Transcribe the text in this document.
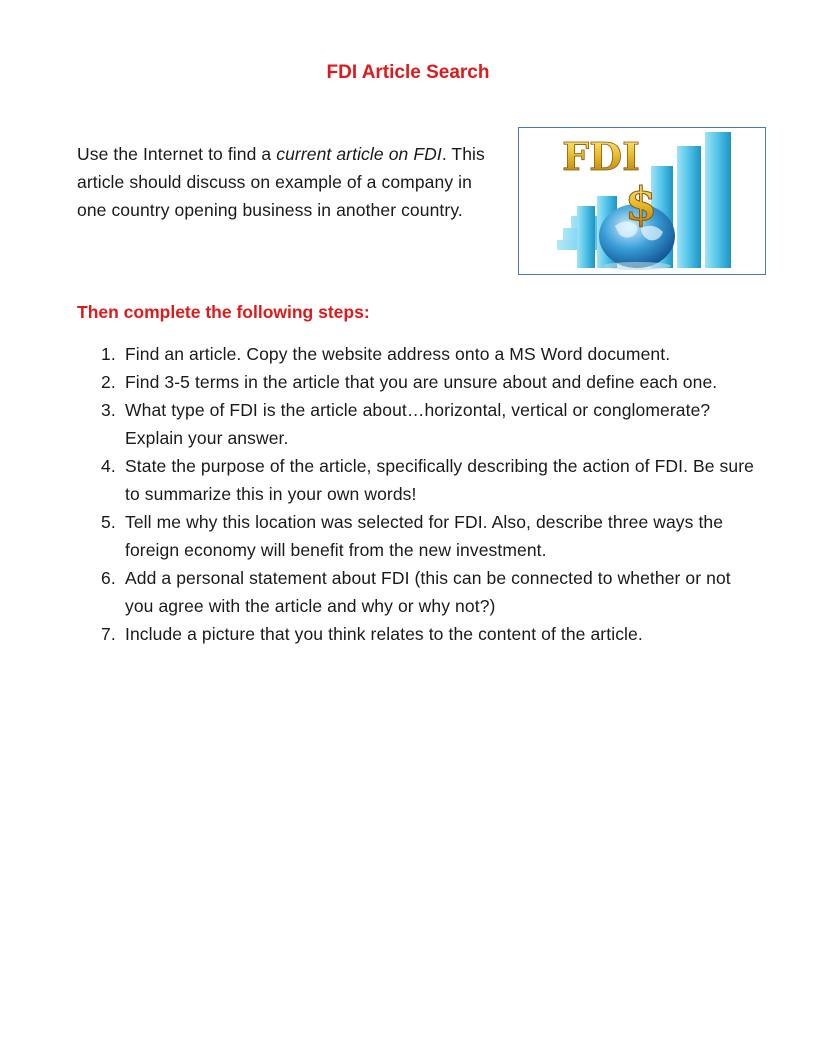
FDI Article Search
Use the Internet to find a current article on FDI. This article should discuss on example of a company in one country opening business in another country.	$
FDI
Then complete the following steps:
1. Find an article. Copy the website address onto a MS Word document.
2. Find 3-5 terms in the article that you are unsure about and define each one.
3. What type of FDI is the article about…horizontal, vertical or conglomerate? Explain your answer.
4. State the purpose of the article, specifically describing the action of FDI. Be sure to summarize this in your own words!
5. Tell me why this location was selected for FDI. Also, describe three ways the foreign economy will benefit from the new investment.
6. Add a personal statement about FDI (this can be connected to whether or not you agree with the article and why or why not?)
7. Include a picture that you think relates to the content of the article.
